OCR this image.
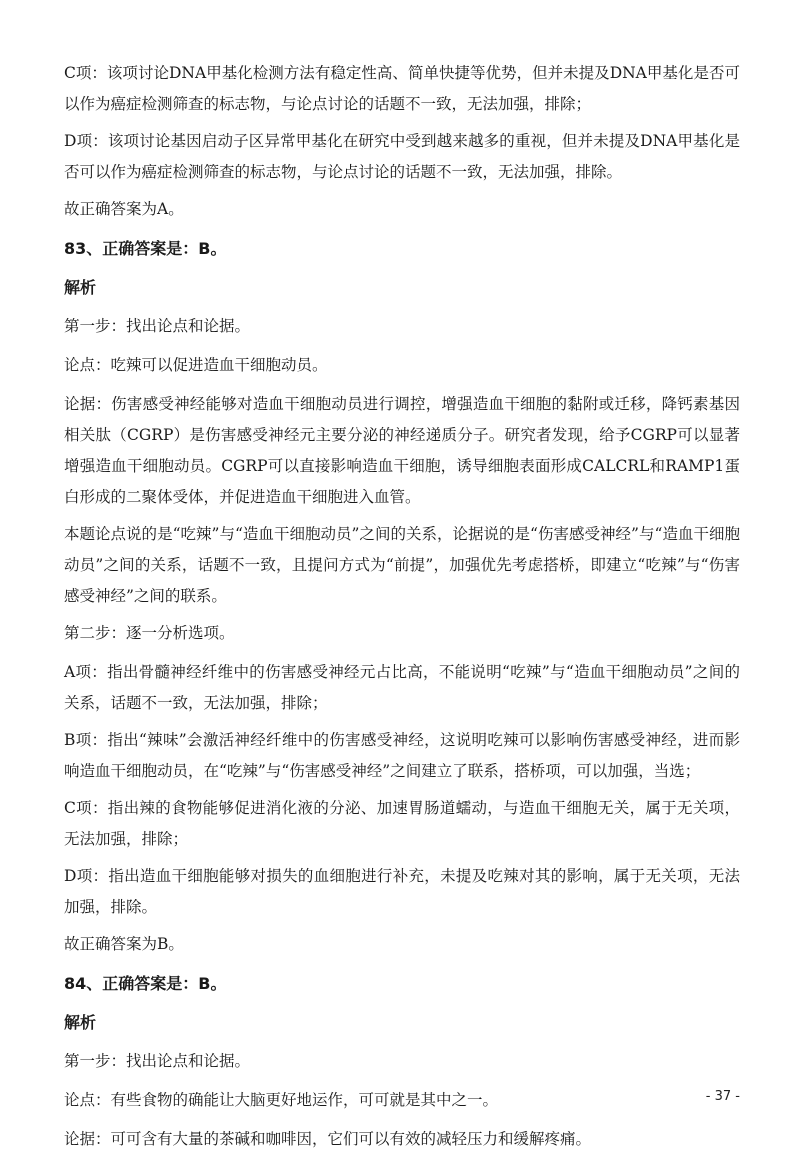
C项：该项讨论DNA甲基化检测方法有稳定性高、简单快捷等优势，但并未提及DNA甲基化是否可以作为癌症检测筛查的标志物，与论点讨论的话题不一致，无法加强，排除；

D项：该项讨论基因启动子区异常甲基化在研究中受到越来越多的重视，但并未提及DNA甲基化是否可以作为癌症检测筛查的标志物，与论点讨论的话题不一致，无法加强，排除。

故正确答案为A。

83、正确答案是：B。

解析

第一步：找出论点和论据。

论点：吃辣可以促进造血干细胞动员。

论据：伤害感受神经能够对造血干细胞动员进行调控，增强造血干细胞的黏附或迁移，降钙素基因相关肽（CGRP）是伤害感受神经元主要分泌的神经递质分子。研究者发现，给予CGRP可以显著增强造血干细胞动员。CGRP可以直接影响造血干细胞，诱导细胞表面形成CALCRL和RAMP1蛋白形成的二聚体受体，并促进造血干细胞进入血管。

本题论点说的是“吃辣”与“造血干细胞动员”之间的关系，论据说的是“伤害感受神经”与“造血干细胞动员”之间的关系，话题不一致，且提问方式为“前提”，加强优先考虑搭桥，即建立“吃辣”与“伤害感受神经”之间的联系。

第二步：逐一分析选项。

A项：指出骨髓神经纤维中的伤害感受神经元占比高，不能说明“吃辣”与“造血干细胞动员”之间的关系，话题不一致，无法加强，排除；

B项：指出“辣味”会激活神经纤维中的伤害感受神经，这说明吃辣可以影响伤害感受神经，进而影响造血干细胞动员，在“吃辣”与“伤害感受神经”之间建立了联系，搭桥项，可以加强，当选；

C项：指出辣的食物能够促进消化液的分泌、加速胃肠道蠕动，与造血干细胞无关，属于无关项，无法加强，排除；

D项：指出造血干细胞能够对损失的血细胞进行补充，未提及吃辣对其的影响，属于无关项，无法加强，排除。

故正确答案为B。

84、正确答案是：B。

解析

第一步：找出论点和论据。

论点：有些食物的确能让大脑更好地运作，可可就是其中之一。

论据：可可含有大量的茶碱和咖啡因，它们可以有效的减轻压力和缓解疼痛。

- 37 -
